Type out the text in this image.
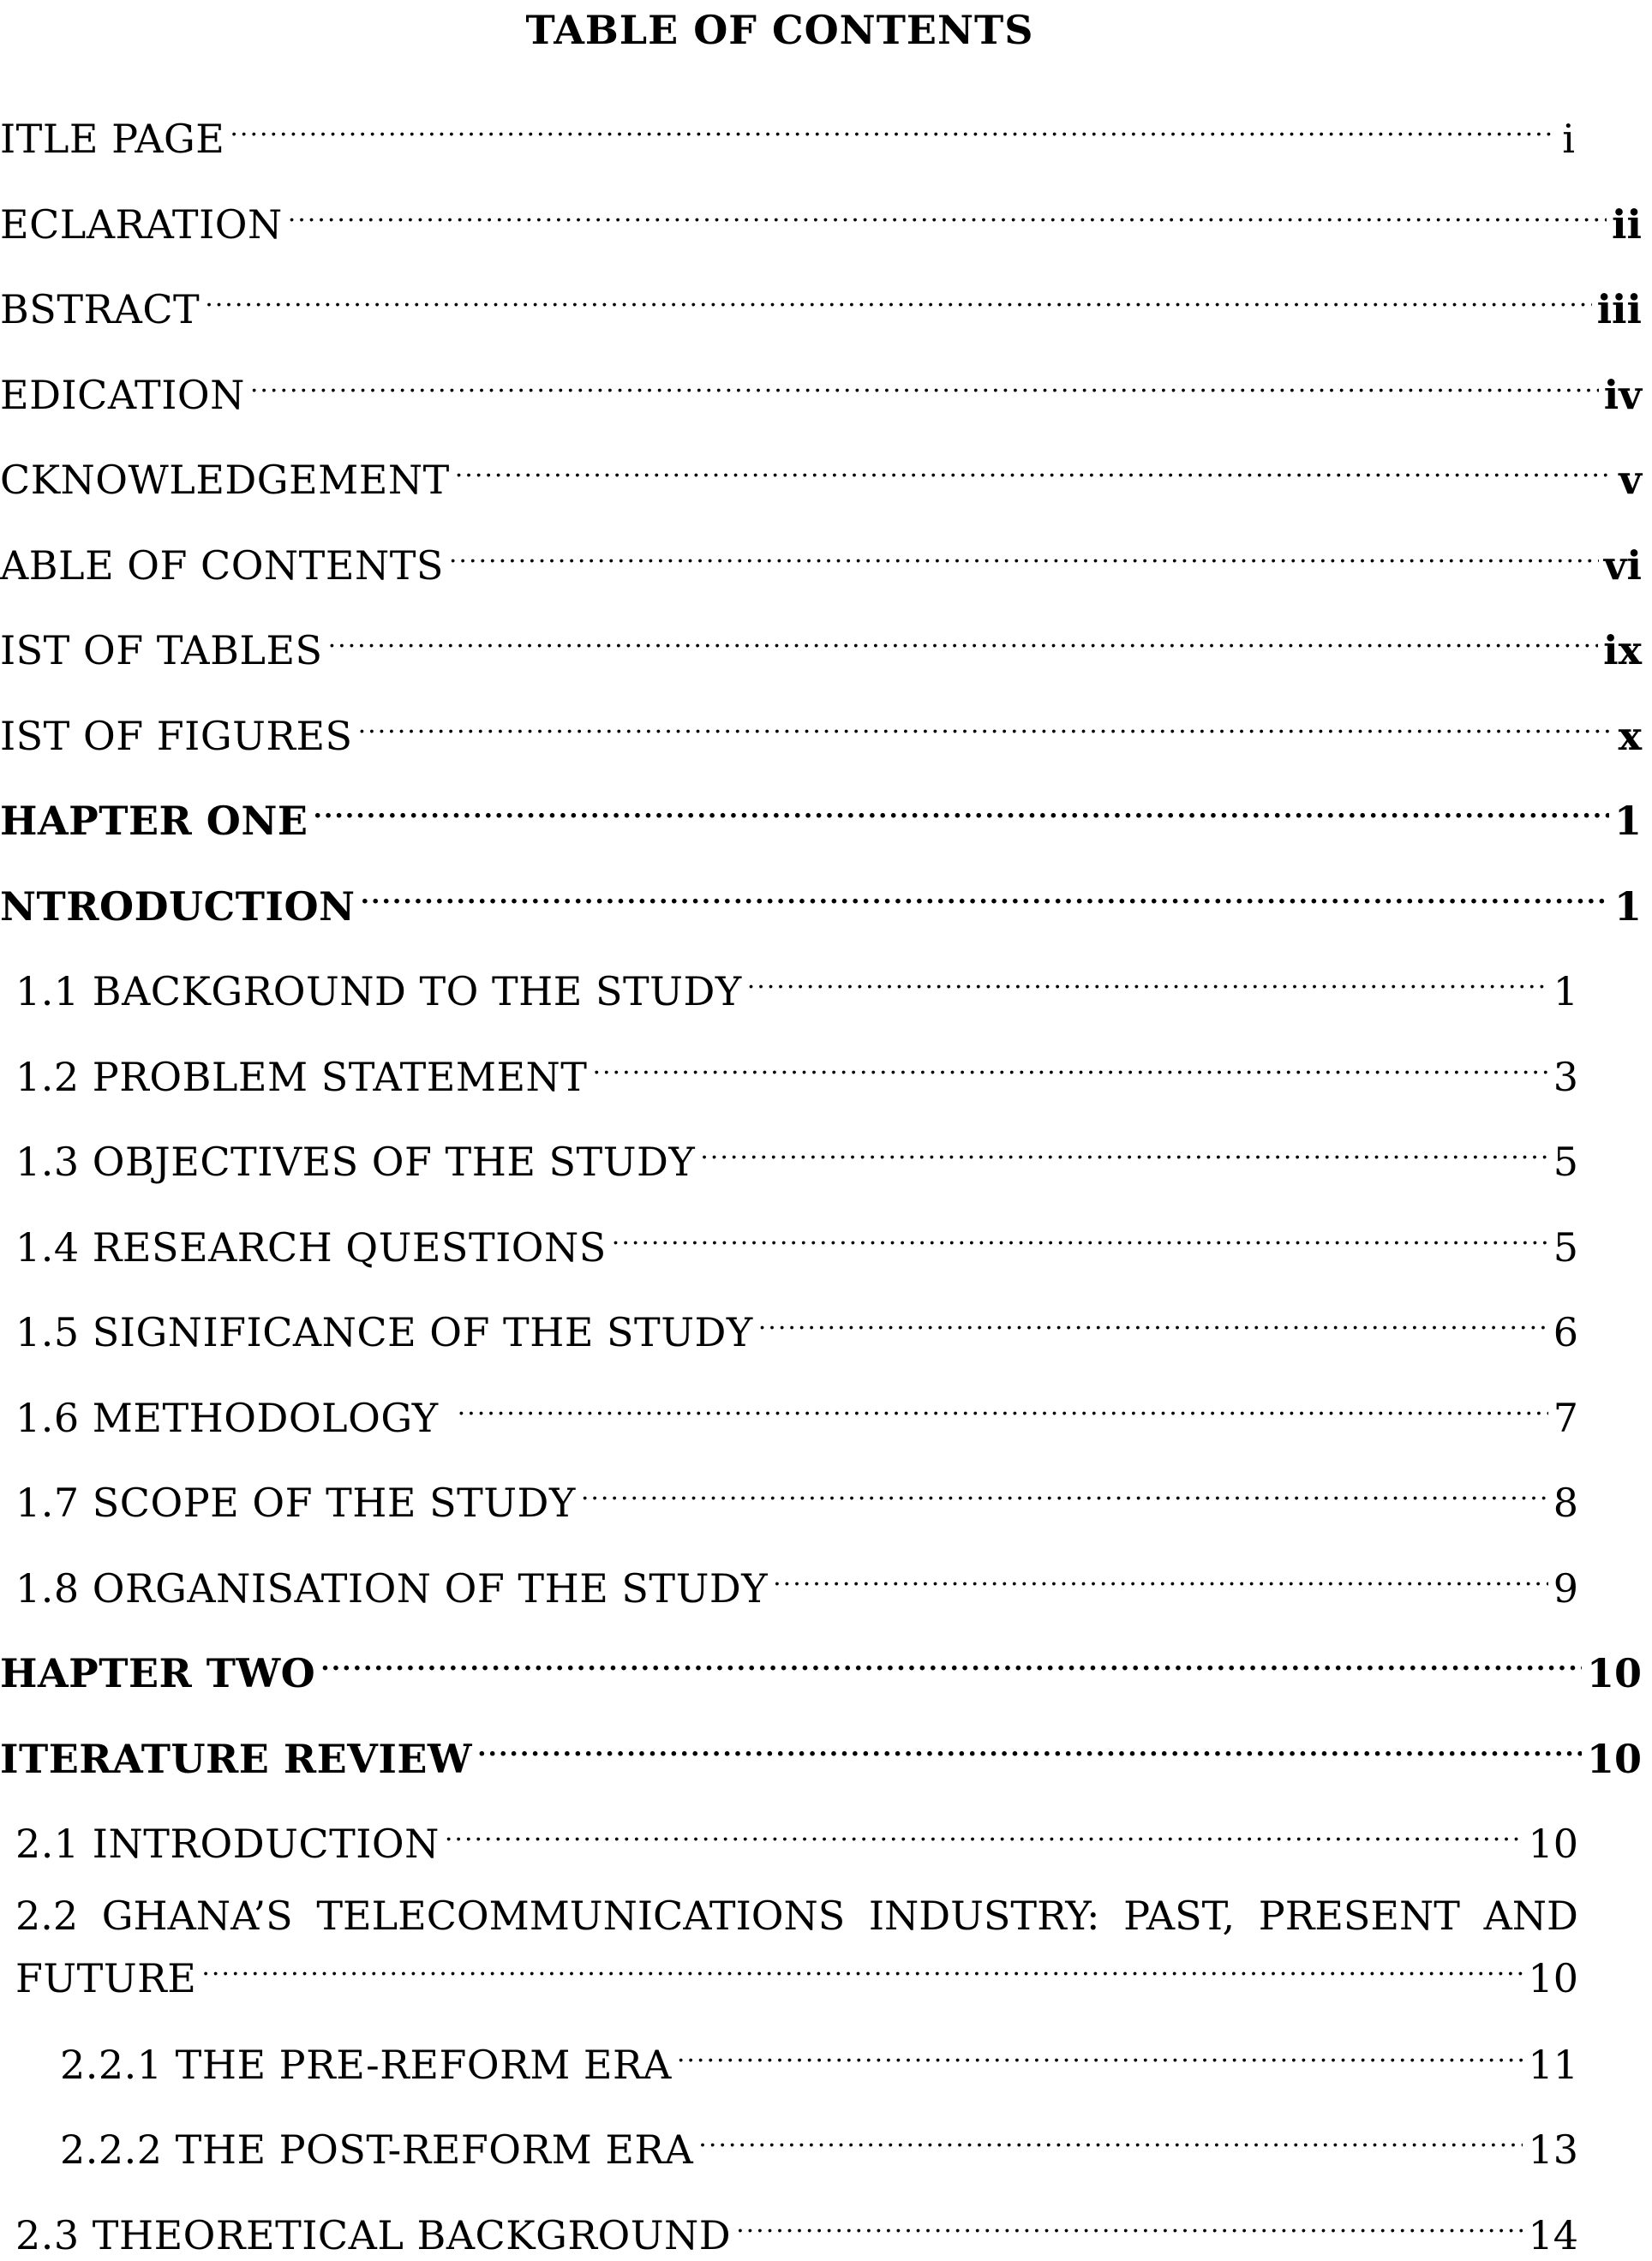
TABLE OF CONTENTS
ITLE PAGE .....	i
ECLARATION .....	ii
BSTRACT .....	iii
EDICATION .....	iv
CKNOWLEDGEMENT .....	v
ABLE OF CONTENTS .....	vi
IST OF TABLES .....	ix
IST OF FIGURES .....	x
HAPTER ONE .....	1
NTRODUCTION .....	1
1.1 BACKGROUND TO THE STUDY .....	1
1.2 PROBLEM STATEMENT .....	3
1.3 OBJECTIVES OF THE STUDY .....	5
1.4 RESEARCH QUESTIONS .....	5
1.5 SIGNIFICANCE OF THE STUDY .....	6
1.6 METHODOLOGY .....	7
1.7 SCOPE OF THE STUDY .....	8
1.8 ORGANISATION OF THE STUDY .....	9
HAPTER TWO .....	10
ITERATURE REVIEW .....	10
2.1 INTRODUCTION .....	10
2.2 GHANA’S TELECOMMUNICATIONS INDUSTRY: PAST, PRESENT AND
FUTURE .....	10
2.2.1 THE PRE-REFORM ERA .....	11
2.2.2 THE POST-REFORM ERA .....	13
2.3 THEORETICAL BACKGROUND .....	14
